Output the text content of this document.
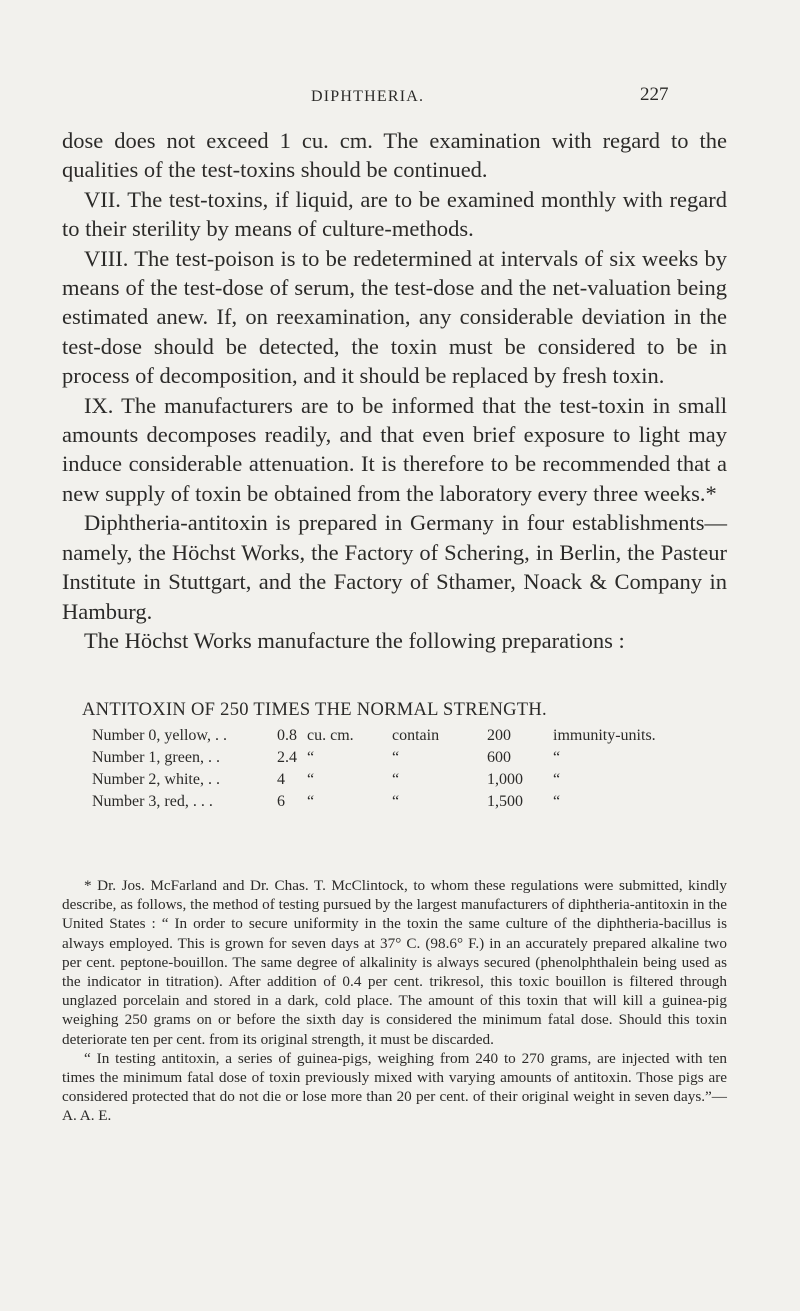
DIPHTHERIA.	227

dose does not exceed 1 cu. cm. The examination with regard to the qualities of the test-toxins should be continued.

VII. The test-toxins, if liquid, are to be examined monthly with regard to their sterility by means of culture-methods.

VIII. The test-poison is to be redetermined at intervals of six weeks by means of the test-dose of serum, the test-dose and the net-valuation being estimated anew. If, on reexamination, any considerable deviation in the test-dose should be detected, the toxin must be considered to be in process of decomposition, and it should be replaced by fresh toxin.

IX. The manufacturers are to be informed that the test-toxin in small amounts decomposes readily, and that even brief exposure to light may induce considerable attenuation. It is therefore to be recommended that a new supply of toxin be obtained from the laboratory every three weeks.*

Diphtheria-antitoxin is prepared in Germany in four establishments—namely, the Höchst Works, the Factory of Schering, in Berlin, the Pasteur Institute in Stuttgart, and the Factory of Sthamer, Noack & Company in Hamburg.

The Höchst Works manufacture the following preparations :

ANTITOXIN OF 250 TIMES THE NORMAL STRENGTH.
Number 0, yellow, . .	0.8 cu. cm. contain	200	immunity-units.
Number 1, green, . .	2.4 “	“	600	“
Number 2, white, . .	4 “	“	1,000 “
Number 3, red, . . .	6 “	“	1,500 “

* Dr. Jos. McFarland and Dr. Chas. T. McClintock, to whom these regulations were submitted, kindly describe, as follows, the method of testing pursued by the largest manufacturers of diphtheria-antitoxin in the United States : “ In order to secure uniformity in the toxin the same culture of the diphtheria-bacillus is always employed. This is grown for seven days at 37° C. (98.6° F.) in an accurately prepared alkaline two per cent. peptone-bouillon. The same degree of alkalinity is always secured (phenolphthalein being used as the indicator in titration). After addition of 0.4 per cent. trikresol, this toxic bouillon is filtered through unglazed porcelain and stored in a dark, cold place. The amount of this toxin that will kill a guinea-pig weighing 250 grams on or before the sixth day is considered the minimum fatal dose. Should this toxin deteriorate ten per cent. from its original strength, it must be discarded.

“ In testing antitoxin, a series of guinea-pigs, weighing from 240 to 270 grams, are injected with ten times the minimum fatal dose of toxin previously mixed with varying amounts of antitoxin. Those pigs are considered protected that do not die or lose more than 20 per cent. of their original weight in seven days.”—A. A. E.
